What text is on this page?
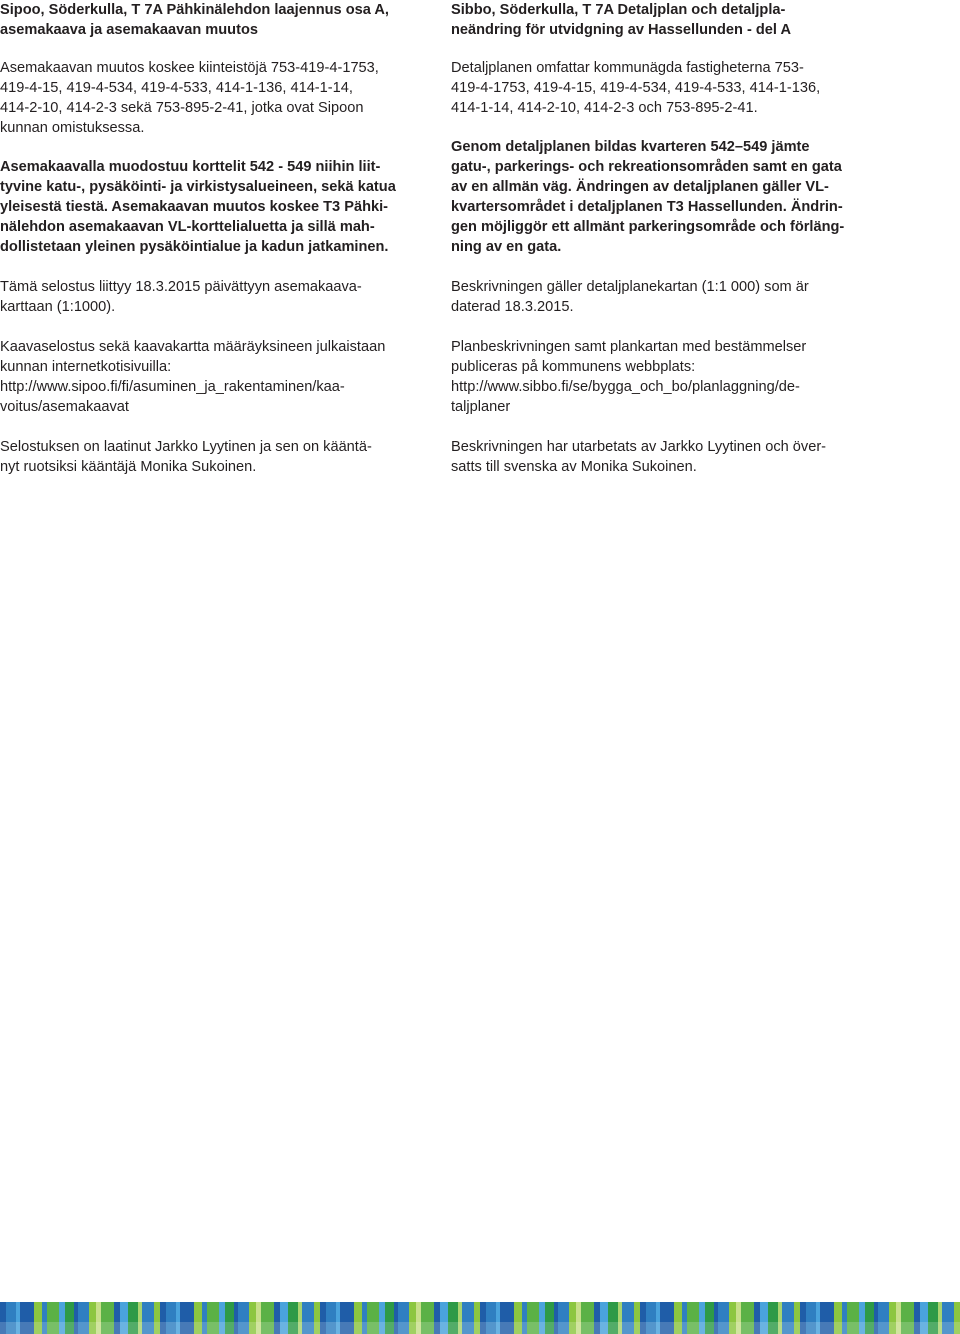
Sipoo, Söderkulla, T 7A Pähkinälehdon laajennus osa A,
asemakaava ja asemakaavan muutos

Asemakaavan muutos koskee kiinteistöjä 753-419-4-1753,
419-4-15, 419-4-534, 419-4-533, 414-1-136, 414-1-14,
414-2-10, 414-2-3 sekä 753-895-2-41, jotka ovat Sipoon
kunnan omistuksessa.

Asemakaavalla muodostuu korttelit 542 - 549 niihin liit-
tyvine katu-, pysäköinti- ja virkistysalueineen, sekä katua
yleisestä tiestä. Asemakaavan muutos koskee T3 Pähki-
nälehdon asemakaavan VL-korttelialuetta ja sillä mah-
dollistetaan yleinen pysäköintialue ja kadun jatkaminen.

Tämä selostus liittyy 18.3.2015 päivättyyn asemakaava-
karttaan (1:1000).

Kaavaselostus sekä kaavakartta määräyksineen julkaistaan
kunnan internetkotisivuilla:
http://www.sipoo.fi/fi/asuminen_ja_rakentaminen/kaa-
voitus/asemakaavat

Selostuksen on laatinut Jarkko Lyytinen ja sen on kääntä-
nyt ruotsiksi kääntäjä Monika Sukoinen.

Sibbo, Söderkulla, T 7A Detaljplan och detaljpla-
neändring för utvidgning av Hassellunden - del A

Detaljplanen omfattar kommunägda fastigheterna 753-
419-4-1753, 419-4-15, 419-4-534, 419-4-533, 414-1-136,
414-1-14, 414-2-10, 414-2-3 och 753-895-2-41.

Genom detaljplanen bildas kvarteren 542–549 jämte
gatu-, parkerings- och rekreationsområden samt en gata
av en allmän väg. Ändringen av detaljplanen gäller VL-
kvartersområdet i detaljplanen T3 Hassellunden. Ändrin-
gen möjliggör ett allmänt parkeringsområde och förläng-
ning av en gata.

Beskrivningen gäller detaljplanekartan (1:1 000) som är
daterad 18.3.2015.

Planbeskrivningen samt plankartan med bestämmelser
publiceras på kommunens webbplats:
http://www.sibbo.fi/se/bygga_och_bo/planlaggning/de-
taljplaner

Beskrivningen har utarbetats av Jarkko Lyytinen och över-
satts till svenska av Monika Sukoinen.
